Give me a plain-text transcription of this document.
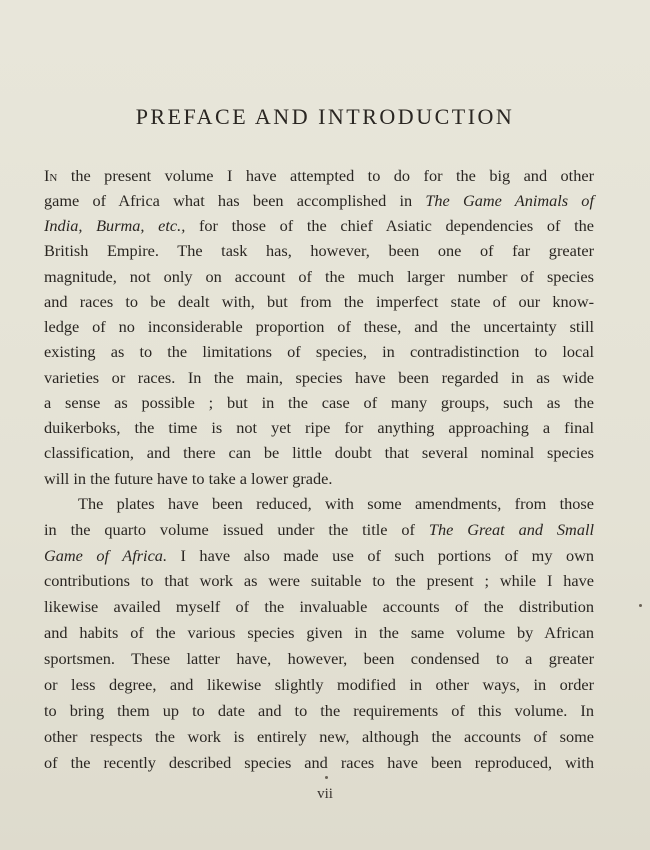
PREFACE AND INTRODUCTION
In the present volume I have attempted to do for the big and other
game of Africa what has been accomplished in The Game Animals of
India, Burma, etc., for those of the chief Asiatic dependencies of the
British Empire. The task has, however, been one of far greater
magnitude, not only on account of the much larger number of species
and races to be dealt with, but from the imperfect state of our know-
ledge of no inconsiderable proportion of these, and the uncertainty still
existing as to the limitations of species, in contradistinction to local
varieties or races. In the main, species have been regarded in as wide
a sense as possible ; but in the case of many groups, such as the
duikerboks, the time is not yet ripe for anything approaching a final
classification, and there can be little doubt that several nominal species
will in the future have to take a lower grade.
The plates have been reduced, with some amendments, from those
in the quarto volume issued under the title of The Great and Small
Game of Africa. I have also made use of such portions of my own
contributions to that work as were suitable to the present ; while I have
likewise availed myself of the invaluable accounts of the distribution
and habits of the various species given in the same volume by African
sportsmen. These latter have, however, been condensed to a greater
or less degree, and likewise slightly modified in other ways, in order
to bring them up to date and to the requirements of this volume. In
other respects the work is entirely new, although the accounts of some
of the recently described species and races have been reproduced, with
vii
